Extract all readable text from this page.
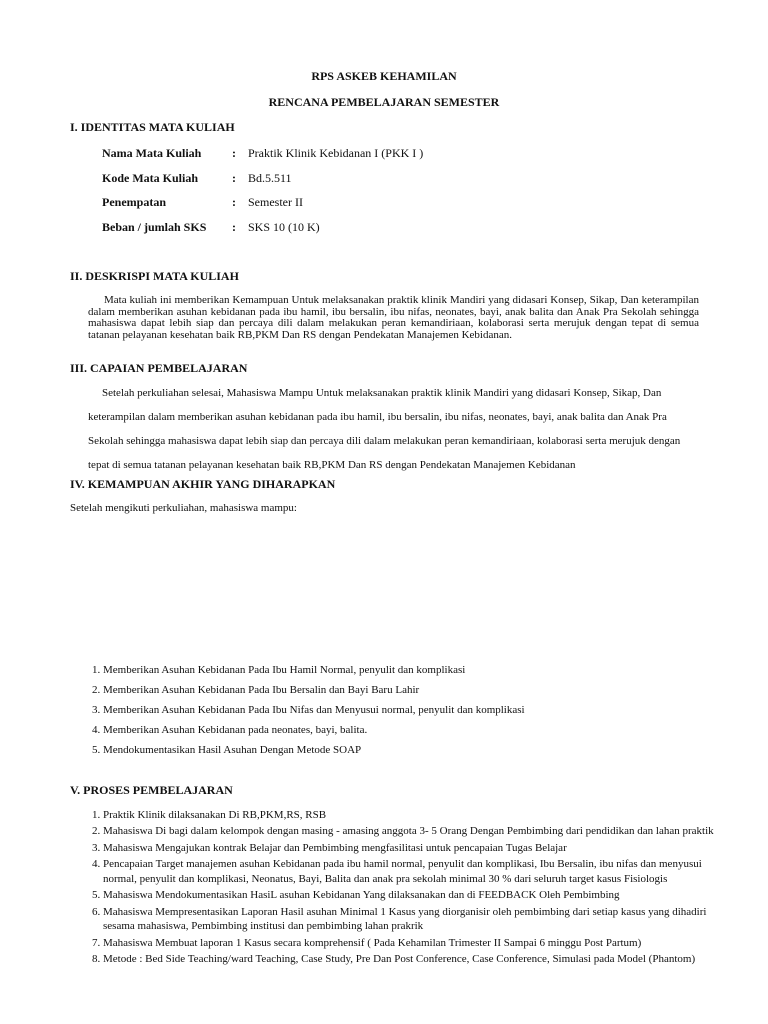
RPS ASKEB KEHAMILAN
RENCANA PEMBELAJARAN SEMESTER
I. IDENTITAS MATA KULIAH
Nama Mata Kuliah	: Praktik Klinik Kebidanan I (PKK I )
Kode Mata Kuliah	: Bd.5.511
Penempatan	: Semester II
Beban / jumlah SKS : SKS 10 (10 K)
II. DESKRISPI MATA KULIAH

Mata kuliah ini memberikan Kemampuan Untuk melaksanakan praktik klinik Mandiri yang didasari Konsep, Sikap, Dan keterampilan dalam memberikan asuhan kebidanan pada ibu hamil, ibu bersalin, ibu nifas, neonates, bayi, anak balita dan Anak Pra Sekolah sehingga mahasiswa dapat lebih siap dan percaya dili dalam melakukan peran kemandiriaan, kolaborasi serta merujuk dengan tepat di semua tatanan pelayanan kesehatan baik RB,PKM Dan RS dengan Pendekatan Manajemen Kebidanan.

III. CAPAIAN PEMBELAJARAN

Setelah perkuliahan selesai, Mahasiswa Mampu Untuk melaksanakan praktik klinik Mandiri yang didasari Konsep, Sikap, Dan keterampilan dalam memberikan asuhan kebidanan pada ibu hamil, ibu bersalin, ibu nifas, neonates, bayi, anak balita dan Anak Pra Sekolah sehingga mahasiswa dapat lebih siap dan percaya dili dalam melakukan peran kemandiriaan, kolaborasi serta merujuk dengan tepat di semua tatanan pelayanan kesehatan baik RB,PKM Dan RS dengan Pendekatan Manajemen Kebidanan

IV. KEMAMPUAN AKHIR YANG DIHARAPKAN
Setelah mengikuti perkuliahan, mahasiswa mampu:
1. Memberikan Asuhan Kebidanan Pada Ibu Hamil Normal, penyulit dan komplikasi
2. Memberikan Asuhan Kebidanan Pada Ibu Bersalin dan Bayi Baru Lahir
3. Memberikan Asuhan Kebidanan Pada Ibu Nifas dan Menyusui normal, penyulit dan komplikasi
4. Memberikan Asuhan Kebidanan pada neonates, bayi, balita.
5. Mendokumentasikan Hasil Asuhan Dengan Metode SOAP
V. PROSES PEMBELAJARAN
1. Praktik Klinik dilaksanakan Di RB,PKM,RS, RSB
2. Mahasiswa Di bagi dalam kelompok dengan masing - amasing anggota 3- 5 Orang Dengan Pembimbing dari pendidikan dan lahan praktik
3. Mahasiswa Mengajukan kontrak Belajar dan Pembimbing mengfasilitasi untuk pencapaian Tugas Belajar
4. Pencapaian Target manajemen asuhan Kebidanan pada ibu hamil normal, penyulit dan komplikasi, Ibu Bersalin, ibu nifas dan menyusui normal, penyulit dan komplikasi, Neonatus, Bayi, Balita dan anak pra sekolah minimal 30 % dari seluruh target kasus Fisiologis
5. Mahasiswa Mendokumentasikan HasiL asuhan Kebidanan Yang dilaksanakan dan di FEEDBACK Oleh Pembimbing
6. Mahasiswa Mempresentasikan Laporan Hasil asuhan Minimal 1 Kasus yang diorganisir oleh pembimbing dari setiap kasus yang dihadiri sesama mahasiswa, Pembimbing institusi dan pembimbing lahan prakrik
7. Mahasiswa Membuat laporan 1 Kasus secara komprehensif ( Pada Kehamilan Trimester II Sampai 6 minggu Post Partum)
8. Metode : Bed Side Teaching/ward Teaching, Case Study, Pre Dan Post Conference, Case Conference, Simulasi pada Model (Phantom)
